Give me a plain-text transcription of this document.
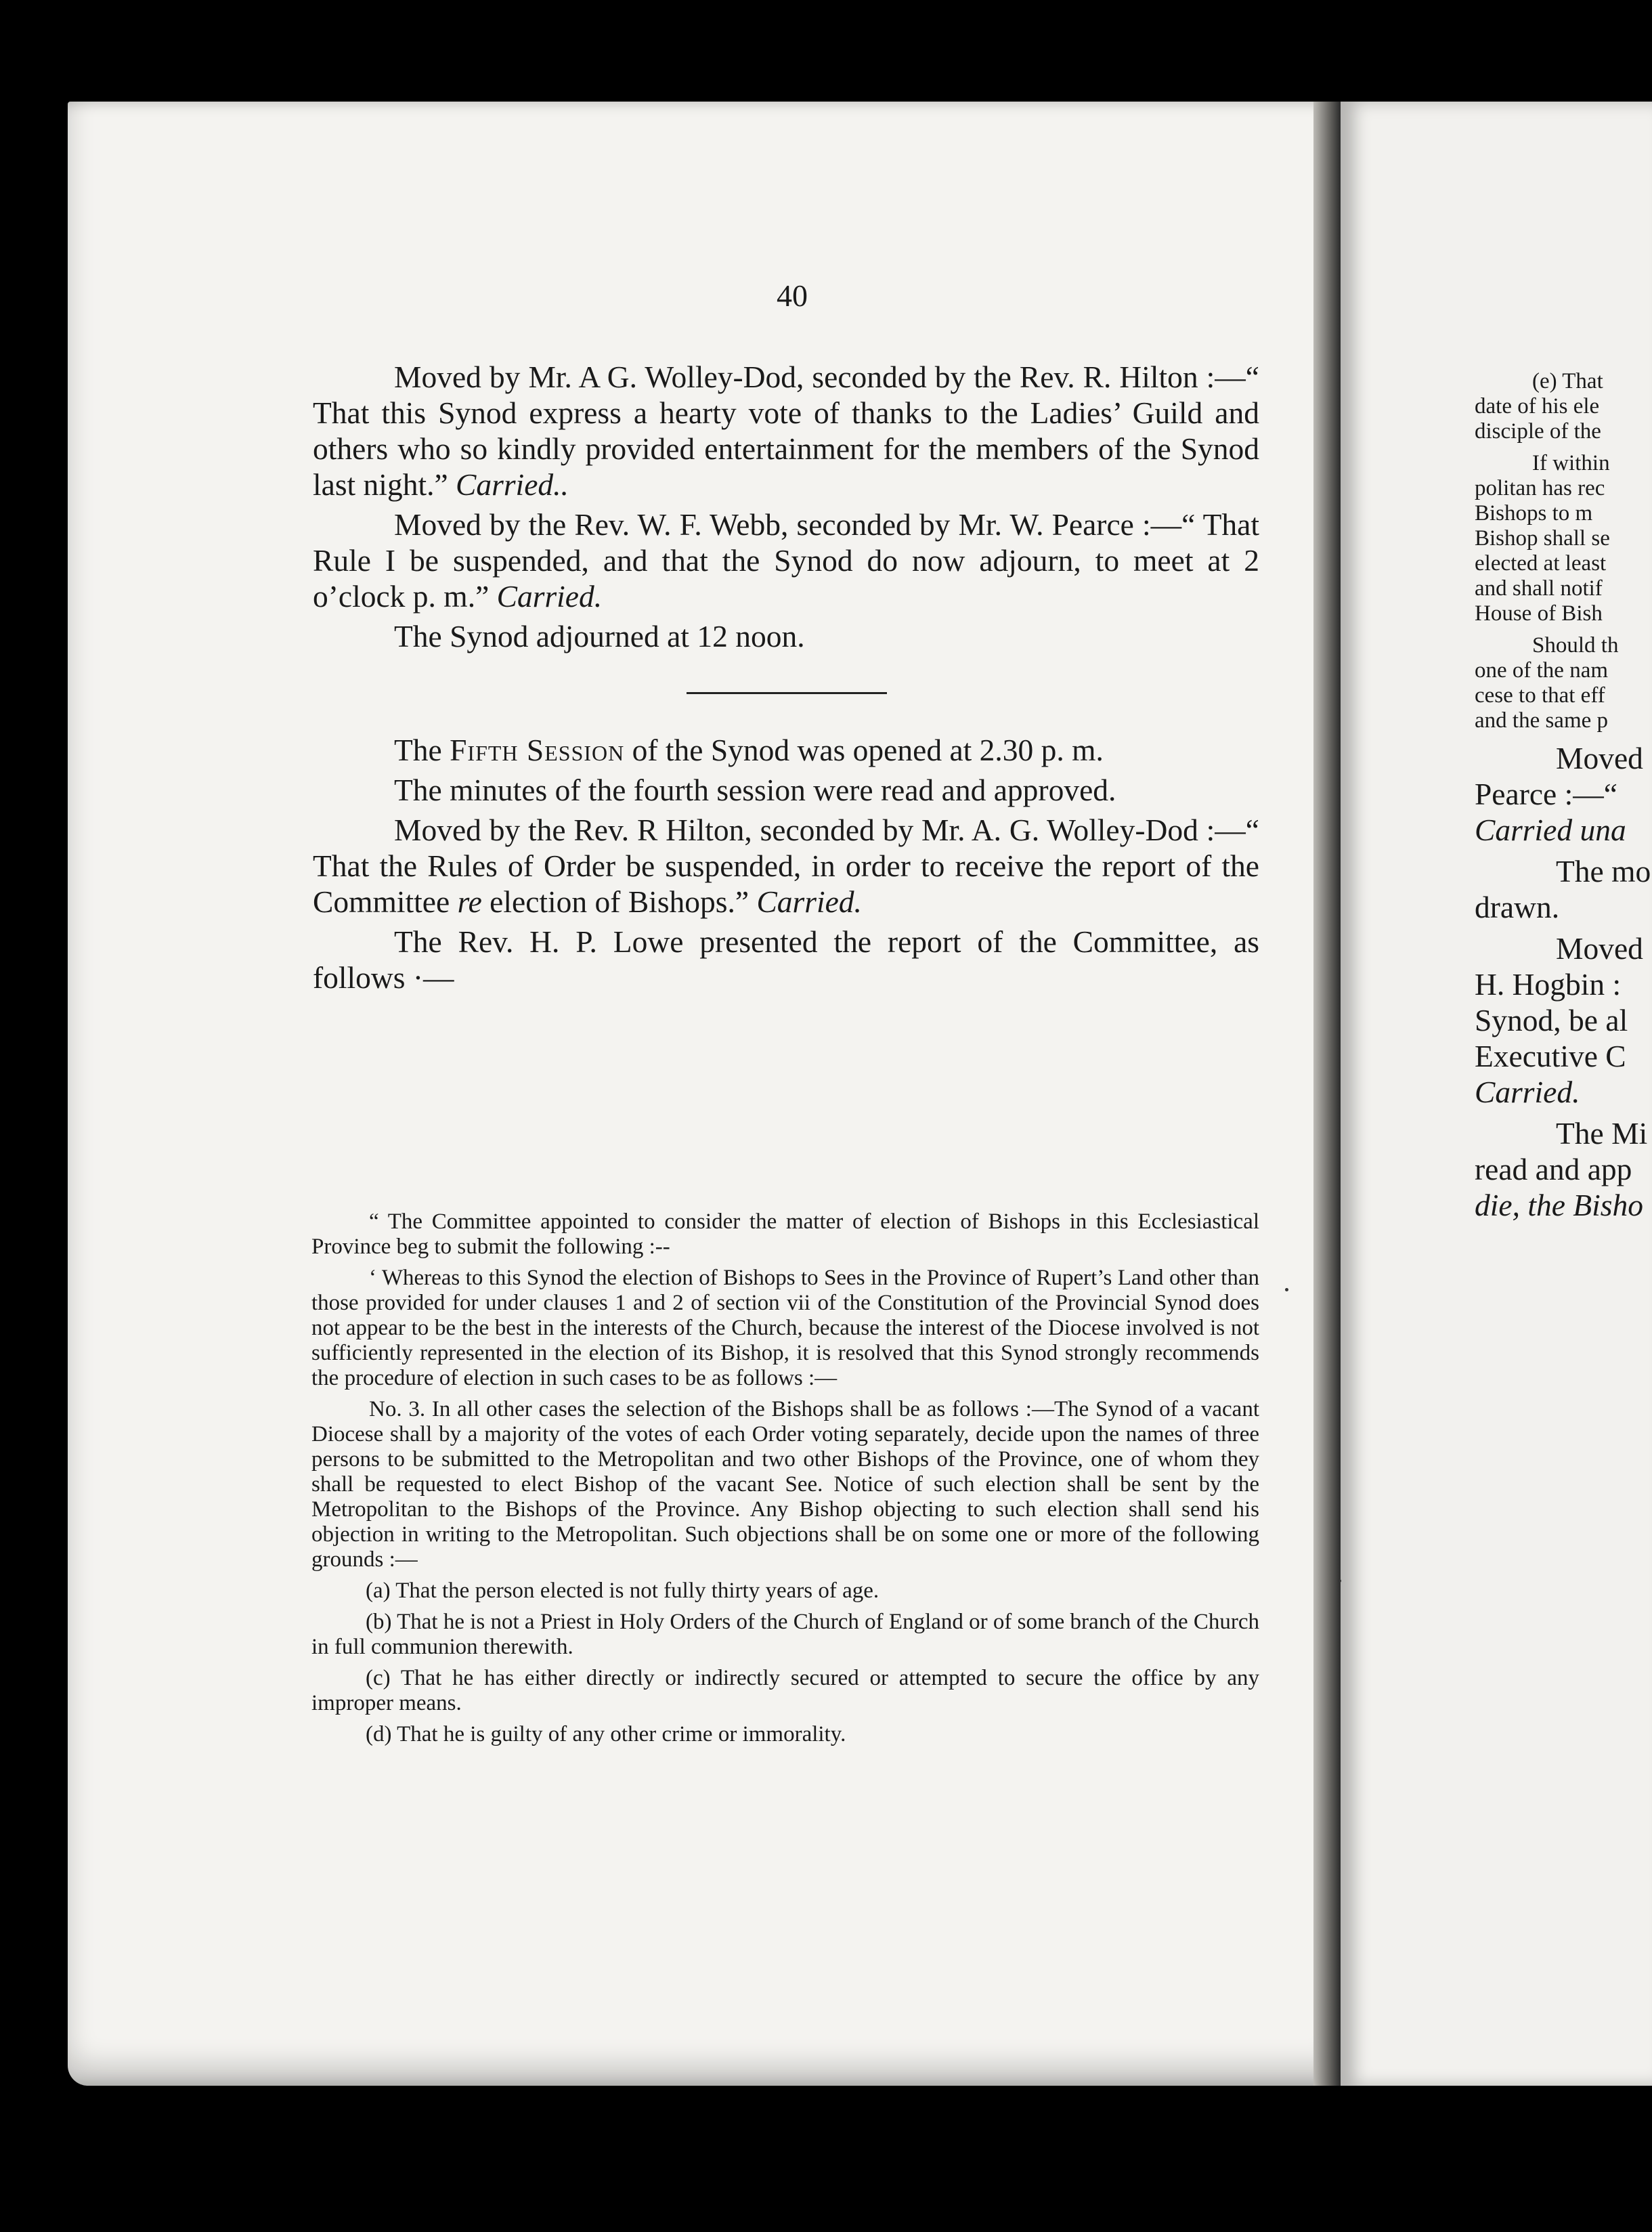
40

Moved by Mr. A G. Wolley-Dod, seconded by the Rev. R. Hilton :—“ That this Synod express a hearty vote of thanks to the Ladies’ Guild and others who so kindly provided entertainment for the members of the Synod last night.” Carried..

Moved by the Rev. W. F. Webb, seconded by Mr. W. Pearce :—“ That Rule I be suspended, and that the Synod do now adjourn, to meet at 2 o’clock p. m.” Carried.

The Synod adjourned at 12 noon.

The Fifth Session of the Synod was opened at 2.30 p. m.

The minutes of the fourth session were read and approved.

Moved by the Rev. R Hilton, seconded by Mr. A. G. Wolley-Dod :—“ That the Rules of Order be suspended, in order to receive the report of the Committee re election of Bishops.” Carried.

The Rev. H. P. Lowe presented the report of the Committee, as follows ·—

“ The Committee appointed to consider the matter of election of Bishops in this Ecclesiastical Province beg to submit the following :--

‘ Whereas to this Synod the election of Bishops to Sees in the Province of Rupert’s Land other than those provided for under clauses 1 and 2 of section vii of the Constitution of the Provincial Synod does not appear to be the best in the interests of the Church, because the interest of the Diocese involved is not sufficiently represented in the election of its Bishop, it is resolved that this Synod strongly recommends the procedure of election in such cases to be as follows :—

No. 3. In all other cases the selection of the Bishops shall be as follows :—The Synod of a vacant Diocese shall by a majority of the votes of each Order voting separately, decide upon the names of three persons to be submitted to the Metropolitan and two other Bishops of the Province, one of whom they shall be requested to elect Bishop of the vacant See. Notice of such election shall be sent by the Metropolitan to the Bishops of the Province. Any Bishop objecting to such election shall send his objection in writing to the Metropolitan. Such objections shall be on some one or more of the following grounds :—

(a) That the person elected is not fully thirty years of age.

(b) That he is not a Priest in Holy Orders of the Church of England or of some branch of the Church in full communion therewith.

(c) That he has either directly or indirectly secured or attempted to secure the office by any improper means.

(d) That he is guilty of any other crime or immorality.

(e) That
date of his ele
disciple of the

If within
politan has rec
Bishops to m
Bishop shall se
elected at least
and shall notif
House of Bish

Should th
one of the nam
cese to that eff
and the same p

Moved
Pearce :—“
Carried una

The mo
drawn.

Moved
H. Hogbin :
Synod, be al
Executive C
Carried.

The Mi
read and app
die, the Bisho
